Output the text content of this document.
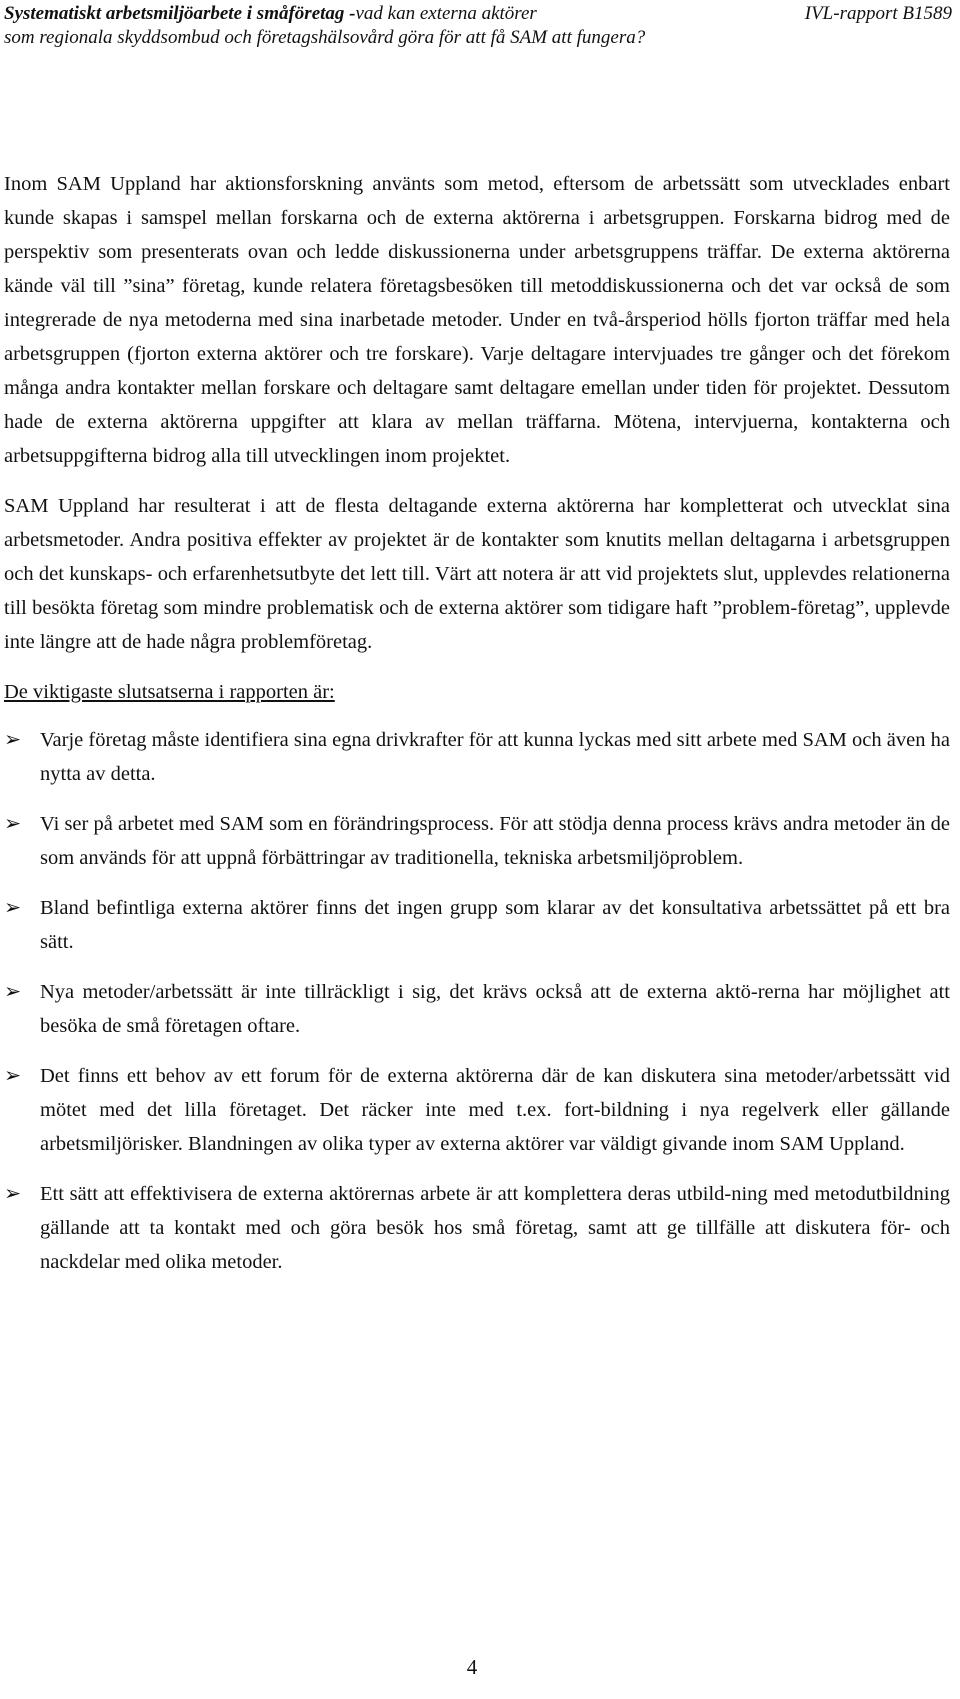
Systematiskt arbetsmiljöarbete i småföretag -vad kan externa aktörer	IVL-rapport B1589
som regionala skyddsombud och företagshälsovård göra för att få SAM att fungera?

Inom SAM Uppland har aktionsforskning använts som metod, eftersom de arbetssätt som utvecklades enbart kunde skapas i samspel mellan forskarna och de externa aktörerna i arbetsgruppen. Forskarna bidrog med de perspektiv som presenterats ovan och ledde diskussionerna under arbetsgruppens träffar. De externa aktörerna kände väl till ”sina” företag, kunde relatera företagsbesöken till metoddiskussionerna och det var också de som integrerade de nya metoderna med sina inarbetade metoder. Under en två-årsperiod hölls fjorton träffar med hela arbetsgruppen (fjorton externa aktörer och tre forskare). Varje deltagare intervjuades tre gånger och det förekom många andra kontakter mellan forskare och deltagare samt deltagare emellan under tiden för projektet. Dessutom hade de externa aktörerna uppgifter att klara av mellan träffarna. Mötena, intervjuerna, kontakterna och arbetsuppgifterna bidrog alla till utvecklingen inom projektet.

SAM Uppland har resulterat i att de flesta deltagande externa aktörerna har kompletterat och utvecklat sina arbetsmetoder. Andra positiva effekter av projektet är de kontakter som knutits mellan deltagarna i arbetsgruppen och det kunskaps- och erfarenhetsutbyte det lett till. Värt att notera är att vid projektets slut, upplevdes relationerna till besökta företag som mindre problematisk och de externa aktörer som tidigare haft ”problem-företag”, upplevde inte längre att de hade några problemföretag.

De viktigaste slutsatserna i rapporten är:

➢ Varje företag måste identifiera sina egna drivkrafter för att kunna lyckas med sitt arbete med SAM och även ha nytta av detta.
➢ Vi ser på arbetet med SAM som en förändringsprocess. För att stödja denna process krävs andra metoder än de som används för att uppnå förbättringar av traditionella, tekniska arbetsmiljöproblem.
➢ Bland befintliga externa aktörer finns det ingen grupp som klarar av det konsultativa arbetssättet på ett bra sätt.
➢ Nya metoder/arbetssätt är inte tillräckligt i sig, det krävs också att de externa aktö-rerna har möjlighet att besöka de små företagen oftare.
➢ Det finns ett behov av ett forum för de externa aktörerna där de kan diskutera sina metoder/arbetssätt vid mötet med det lilla företaget. Det räcker inte med t.ex. fort-bildning i nya regelverk eller gällande arbetsmiljörisker. Blandningen av olika typer av externa aktörer var väldigt givande inom SAM Uppland.
➢ Ett sätt att effektivisera de externa aktörernas arbete är att komplettera deras utbild-ning med metodutbildning gällande att ta kontakt med och göra besök hos små företag, samt att ge tillfälle att diskutera för- och nackdelar med olika metoder.
4
